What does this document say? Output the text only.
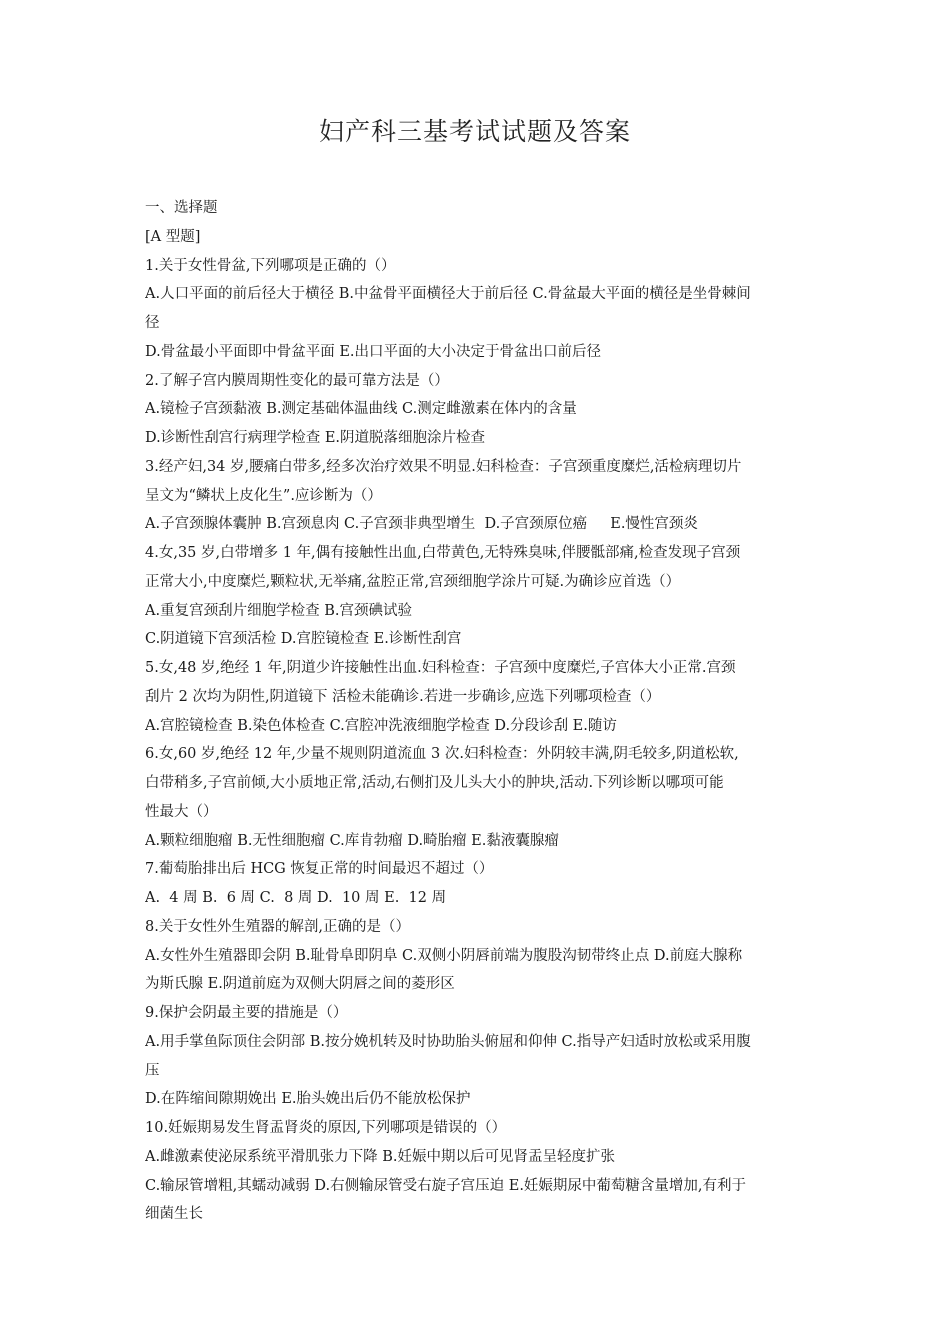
妇产科三基考试试题及答案
一、选择题
[A 型题]
1.关于女性骨盆,下列哪项是正确的（）
A.人口平面的前后径大于横径 B.中盆骨平面横径大于前后径 C.骨盆最大平面的横径是坐骨棘间
径
D.骨盆最小平面即中骨盆平面 E.出口平面的大小决定于骨盆出口前后径
2.了解子宫内膜周期性变化的最可靠方法是（）
A.镜检子宫颈黏液 B.测定基础体温曲线 C.测定雌激素在体内的含量
D.诊断性刮宫行病理学检查 E.阴道脱落细胞涂片检查
3.经产妇,34 岁,腰痛白带多,经多次治疗效果不明显.妇科检查：子宫颈重度糜烂,活检病理切片
呈文为“鳞状上皮化生”.应诊断为（）
A.子宫颈腺体囊肿 B.宫颈息肉 C.子宫颈非典型增生  D.子宫颈原位癌     E.慢性宫颈炎
4.女,35 岁,白带增多 1 年,偶有接触性出血,白带黄色,无特殊臭味,伴腰骶部痛,检查发现子宫颈
正常大小,中度糜烂,颗粒状,无举痛,盆腔正常,宫颈细胞学涂片可疑.为确诊应首选（）
A.重复宫颈刮片细胞学检查 B.宫颈碘试验
C.阴道镜下宫颈活检 D.宫腔镜检查 E.诊断性刮宫
5.女,48 岁,绝经 1 年,阴道少许接触性出血.妇科检查：子宫颈中度糜烂,子宫体大小正常.宫颈
刮片 2 次均为阴性,阴道镜下 活检未能确诊.若进一步确诊,应选下列哪项检查（）
A.宫腔镜检查 B.染色体检查 C.宫腔冲洗液细胞学检查 D.分段诊刮 E.随访
6.女,60 岁,绝经 12 年,少量不规则阴道流血 3 次.妇科检查：外阴较丰满,阴毛较多,阴道松软,
白带稍多,子宫前倾,大小质地正常,活动,右侧扪及儿头大小的肿块,活动.下列诊断以哪项可能
性最大（）
A.颗粒细胞瘤 B.无性细胞瘤 C.库肯勃瘤 D.畸胎瘤 E.黏液囊腺瘤
7.葡萄胎排出后 HCG 恢复正常的时间最迟不超过（）
A.  4 周 B.  6 周 C.  8 周 D.  10 周 E.  12 周
8.关于女性外生殖器的解剖,正确的是（）
A.女性外生殖器即会阴 B.耻骨阜即阴阜 C.双侧小阴唇前端为腹股沟韧带终止点 D.前庭大腺称
为斯氏腺 E.阴道前庭为双侧大阴唇之间的菱形区
9.保护会阴最主要的措施是（）
A.用手掌鱼际顶住会阴部 B.按分娩机转及时协助胎头俯屈和仰伸 C.指导产妇适时放松或采用腹
压
D.在阵缩间隙期娩出 E.胎头娩出后仍不能放松保护
10.妊娠期易发生肾盂肾炎的原因,下列哪项是错误的（）
A.雌激素使泌尿系统平滑肌张力下降 B.妊娠中期以后可见肾盂呈轻度扩张
C.输尿管增粗,其蠕动减弱 D.右侧输尿管受右旋子宫压迫 E.妊娠期尿中葡萄糖含量增加,有利于
细菌生长
